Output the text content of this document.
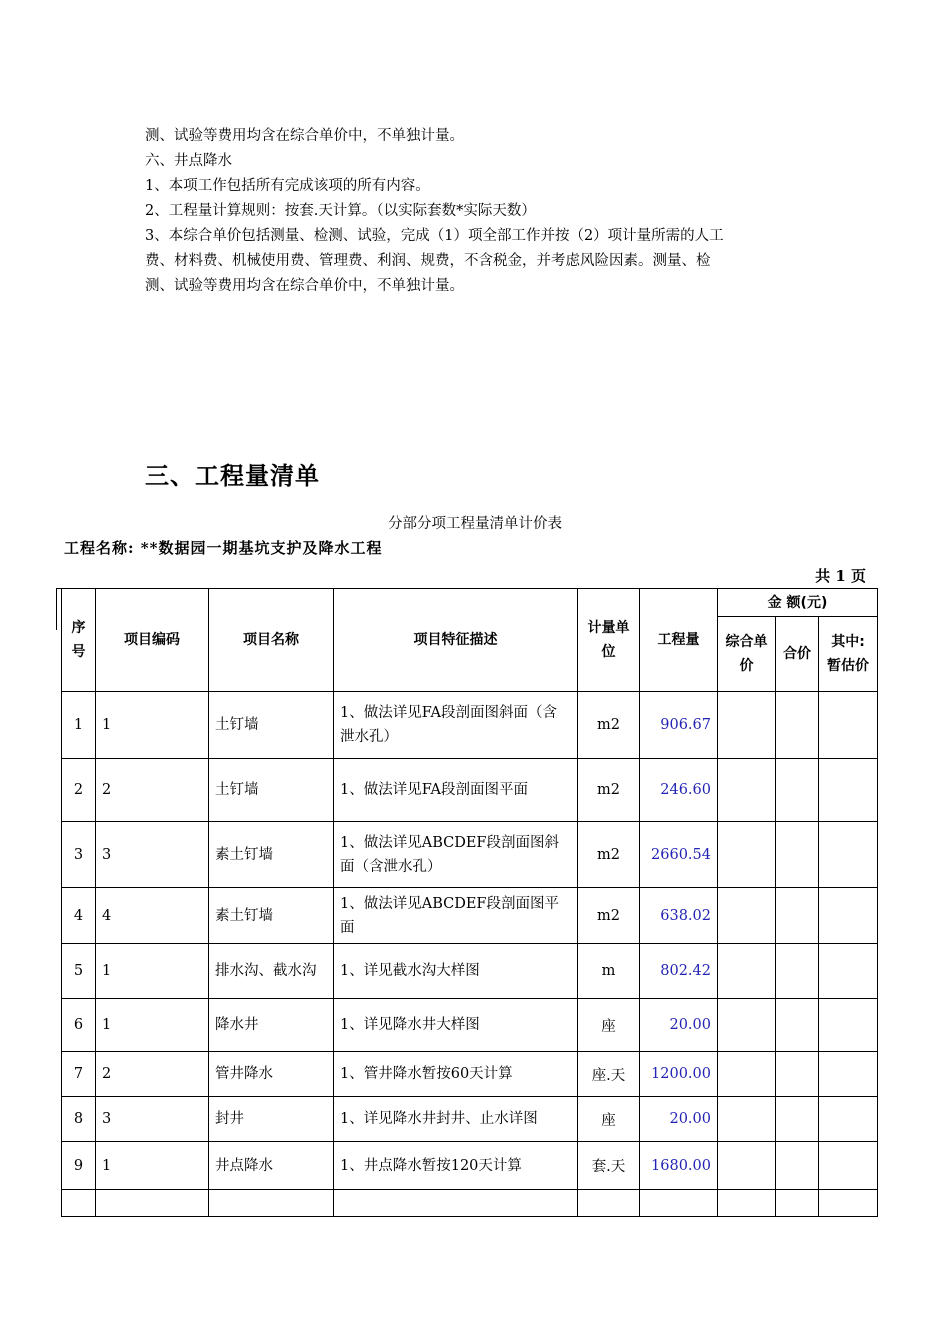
测、试验等费用均含在综合单价中，不单独计量。
六、井点降水
1、本项工作包括所有完成该项的所有内容。
2、工程量计算规则：按套.天计算。（以实际套数*实际天数）
3、本综合单价包括测量、检测、试验，完成（1）项全部工作并按（2）项计量所需的人工
费、材料费、机械使用费、管理费、利润、规费，不含税金，并考虑风险因素。测量、检
测、试验等费用均含在综合单价中，不单独计量。
三、工程量清单
分部分项工程量清单计价表
工程名称: **数据园一期基坑支护及降水工程
共 1 页
序号	项目编码	项目名称	项目特征描述	计量单位	工程量	金 额(元)		
						综合单价	合价	其中:暂估价
1	1	土钉墙	1、做法详见FA段剖面图斜面（含泄水孔）	m2	906.67			
2	2	土钉墙	1、做法详见FA段剖面图平面	m2	246.60			
3	3	素土钉墙	1、做法详见ABCDEF段剖面图斜面（含泄水孔）	m2	2660.54			
4	4	素土钉墙	1、做法详见ABCDEF段剖面图平面	m2	638.02			
5	1	排水沟、截水沟	1、详见截水沟大样图	m	802.42			
6	1	降水井	1、详见降水井大样图	座	20.00			
7	2	管井降水	1、管井降水暂按60天计算	座.天	1200.00			
8	3	封井	1、详见降水井封井、止水详图	座	20.00			
9	1	井点降水	1、井点降水暂按120天计算	套.天	1680.00			
